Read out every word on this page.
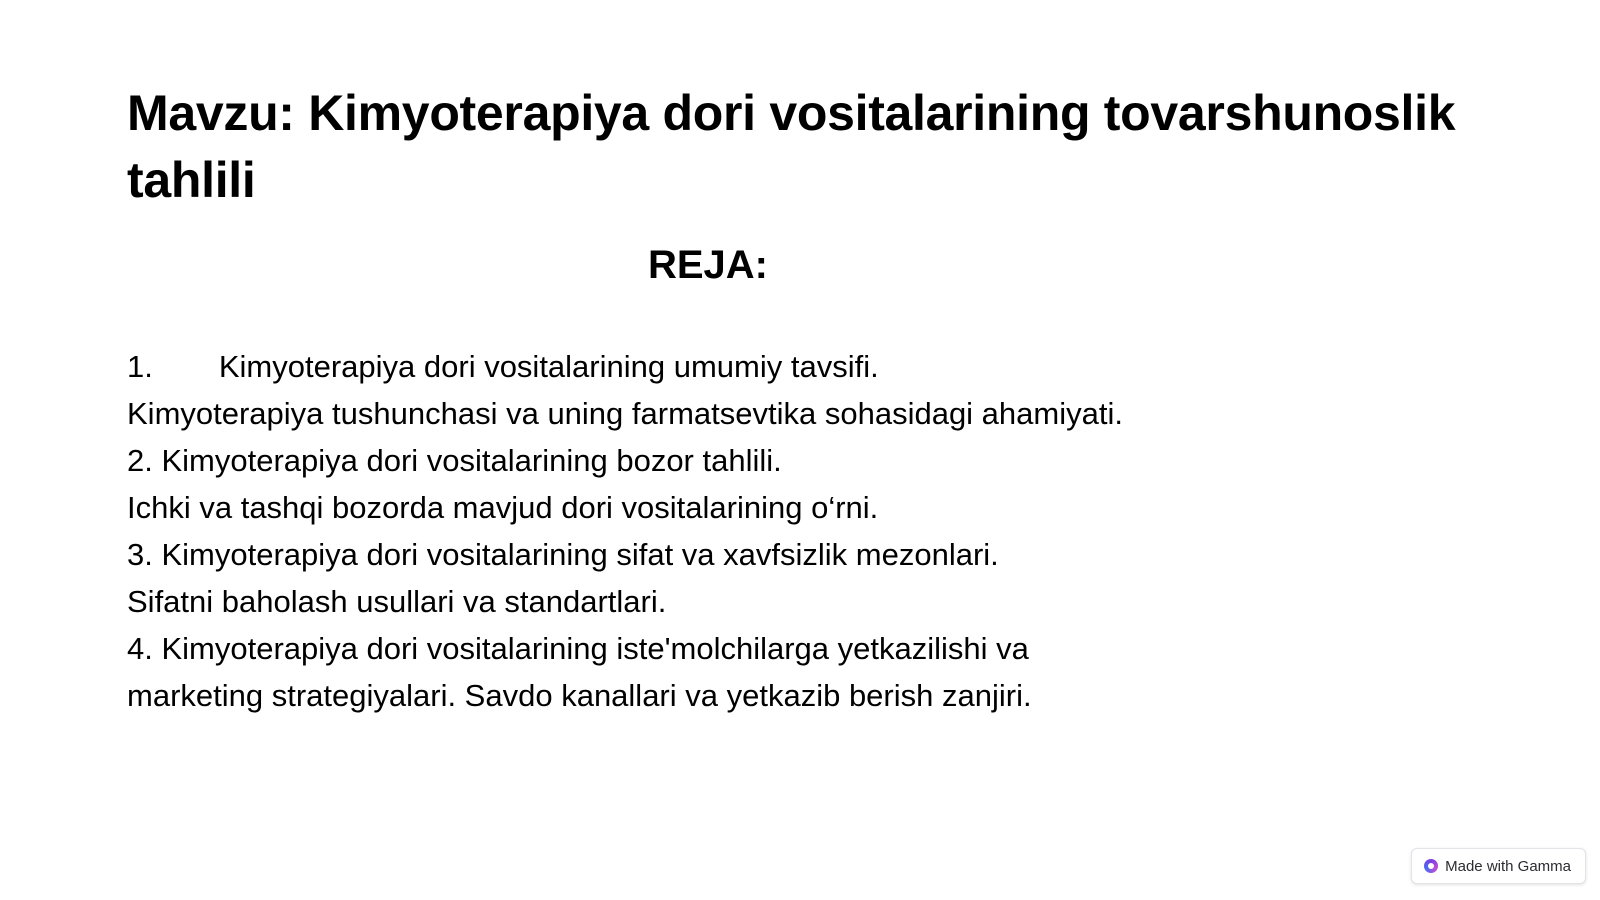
Mavzu: Kimyoterapiya dori vositalarining tovarshunoslik tahlili
REJA:
1. Kimyoterapiya dori vositalarining umumiy tavsifi.
Kimyoterapiya tushunchasi va uning farmatsevtika sohasidagi ahamiyati.
2. Kimyoterapiya dori vositalarining bozor tahlili.
Ichki va tashqi bozorda mavjud dori vositalarining o‘rni.
3. Kimyoterapiya dori vositalarining sifat va xavfsizlik mezonlari.
Sifatni baholash usullari va standartlari.
4. Kimyoterapiya dori vositalarining iste'molchilarga yetkazilishi va marketing strategiyalari. Savdo kanallari va yetkazib berish zanjiri.
Made with Gamma
